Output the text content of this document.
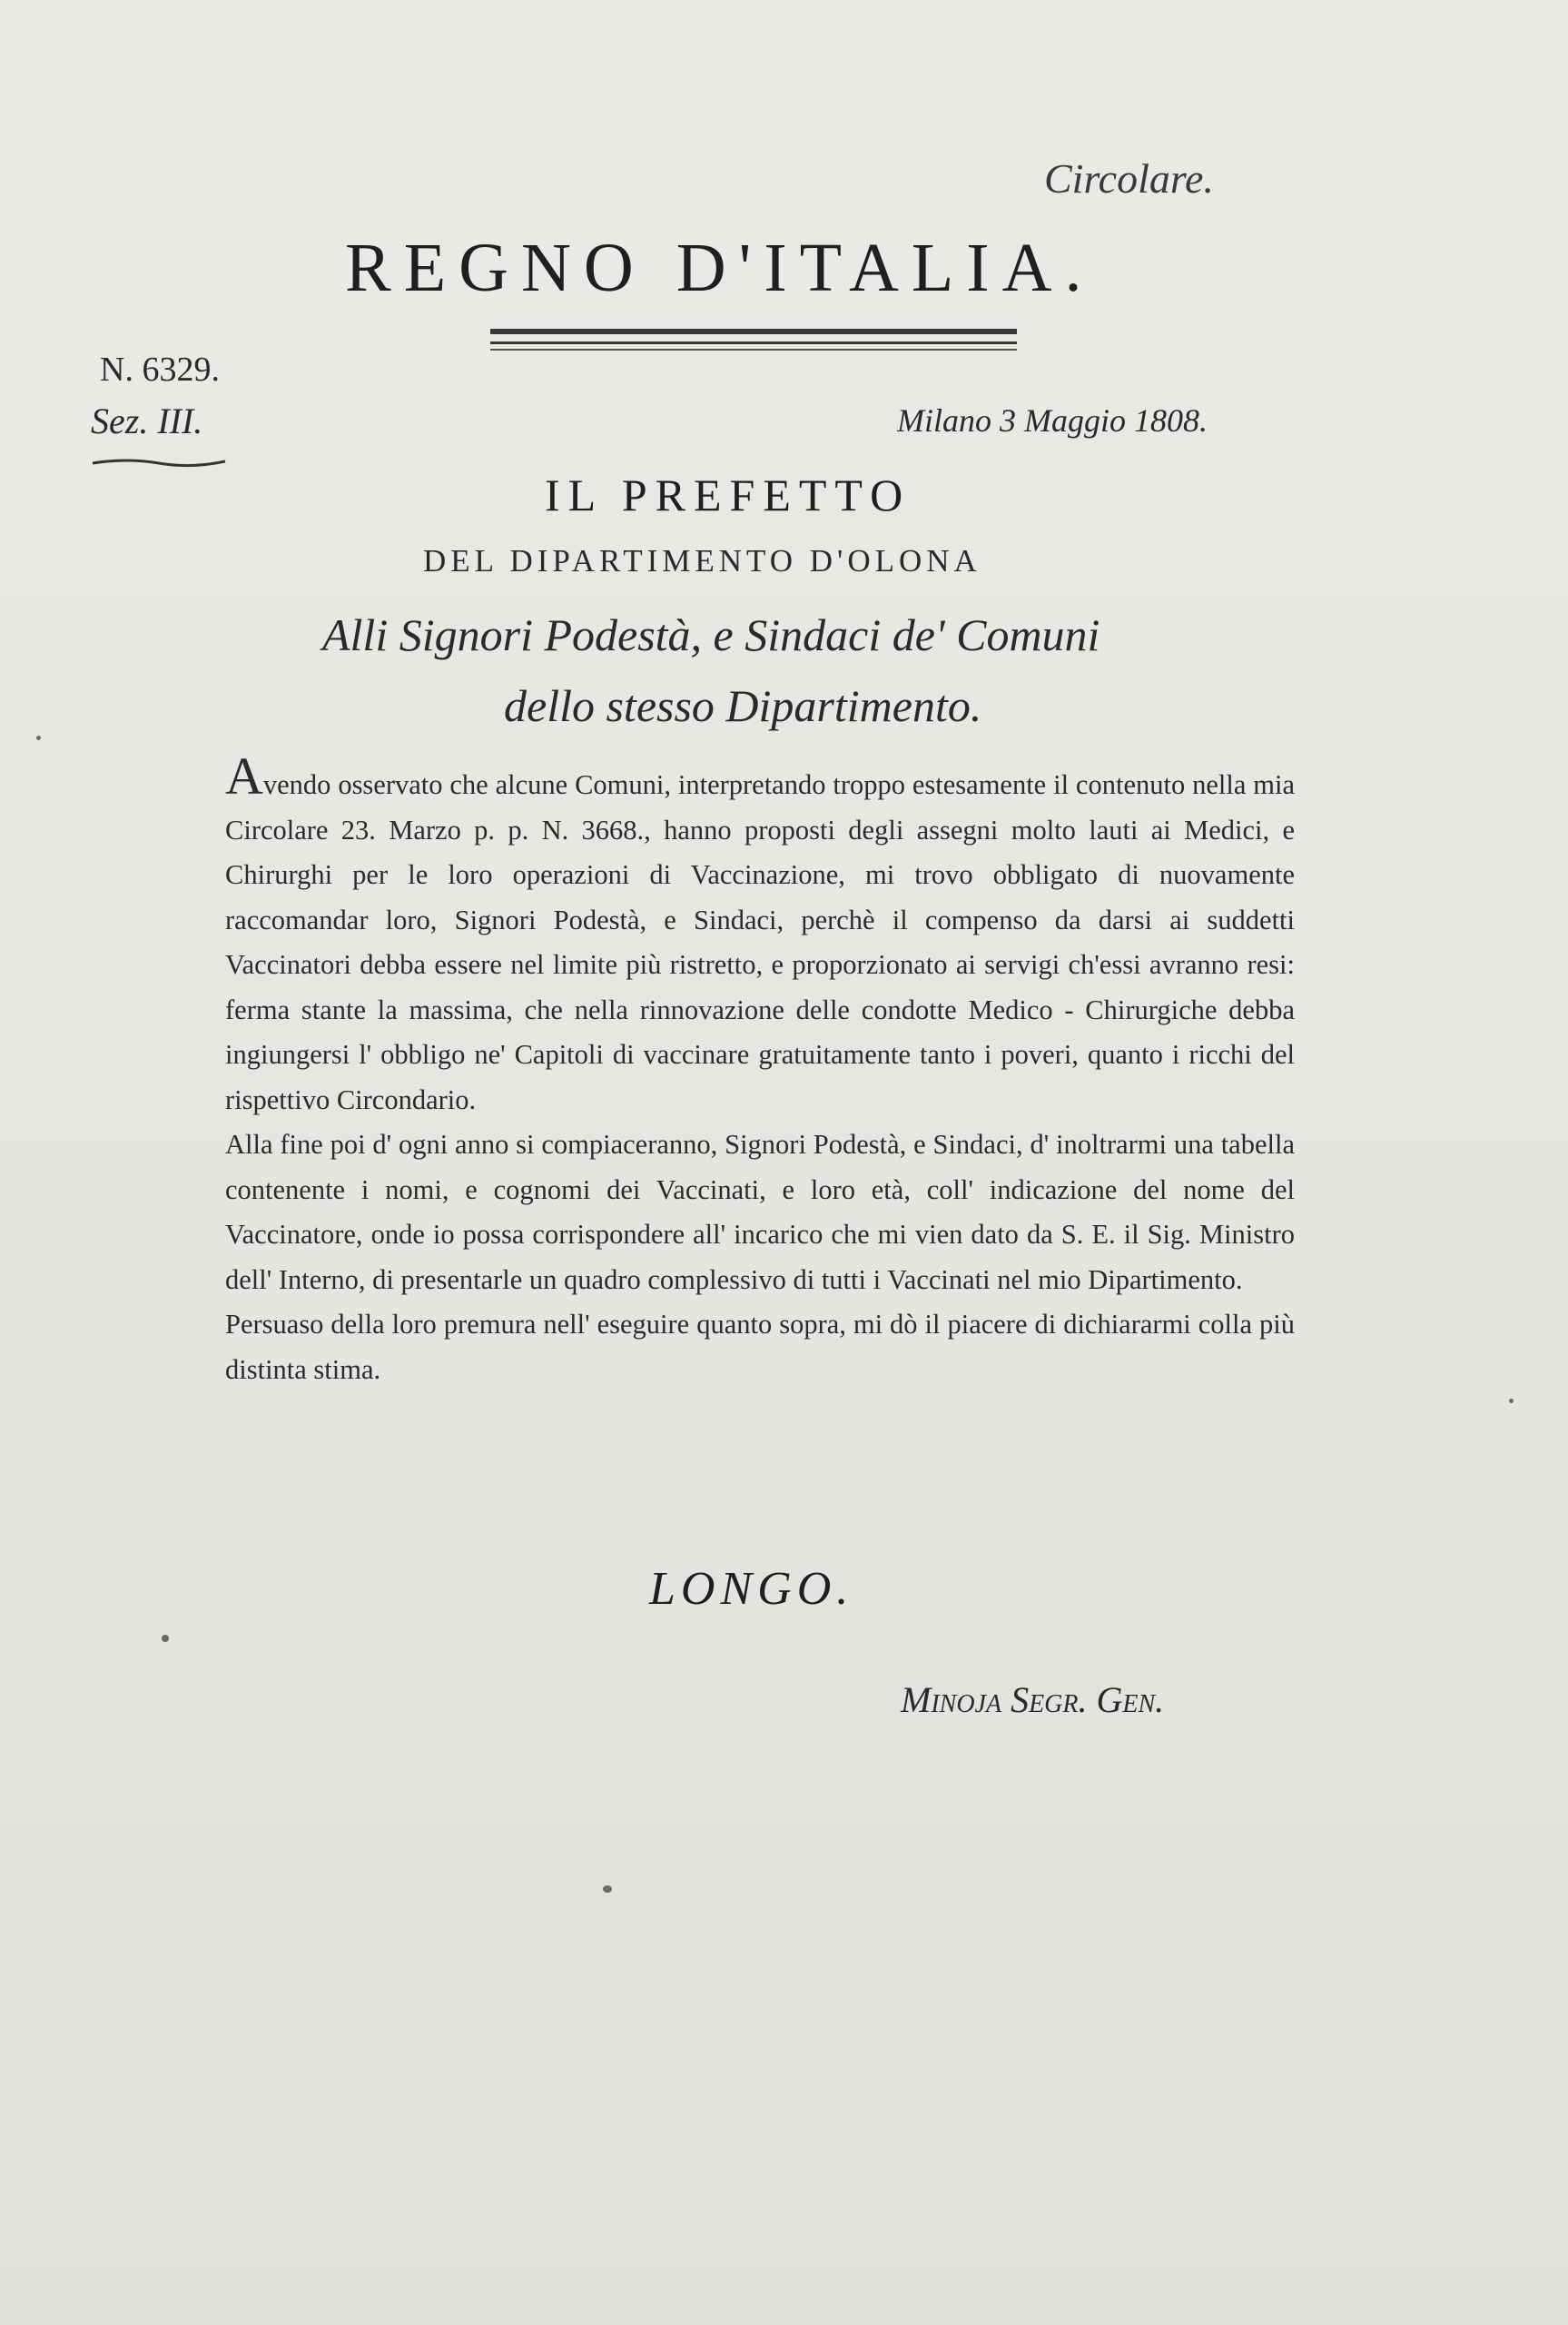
Circolare.
REGNO D'ITALIA.
N. 6329.
Sez. III.	Milano 3 Maggio 1808.
IL PREFETTO
DEL DIPARTIMENTO D'OLONA
Alli Signori Podestà, e Sindaci de' Comuni
dello stesso Dipartimento.

Avendo osservato che alcune Comuni, interpretando troppo estesamente il contenuto nella mia Circolare 23. Marzo p. p. N. 3668., hanno proposti degli assegni molto lauti ai Medici, e Chirurghi per le loro operazioni di Vaccinazione, mi trovo obbligato di nuovamente raccomandar loro, Signori Podestà, e Sindaci, perchè il compenso da darsi ai suddetti Vaccinatori debba essere nel limite più ristretto, e proporzionato ai servigi ch'essi avranno resi: ferma stante la massima, che nella rinnovazione delle condotte Medico - Chirurgiche debba ingiungersi l' obbligo ne' Capitoli di vaccinare gratuitamente tanto i poveri, quanto i ricchi del rispettivo Circondario.

Alla fine poi d' ogni anno si compiaceranno, Signori Podestà, e Sindaci, d' inoltrarmi una tabella contenente i nomi, e cognomi dei Vaccinati, e loro età, coll' indicazione del nome del Vaccinatore, onde io possa corrispondere all' incarico che mi vien dato da S. E. il Sig. Ministro dell' Interno, di presentarle un quadro complessivo di tutti i Vaccinati nel mio Dipartimento.

Persuaso della loro premura nell' eseguire quanto sopra, mi dò il piacere di dichiararmi colla più distinta stima.

LONGO.
Minoja Segr. Gen.
